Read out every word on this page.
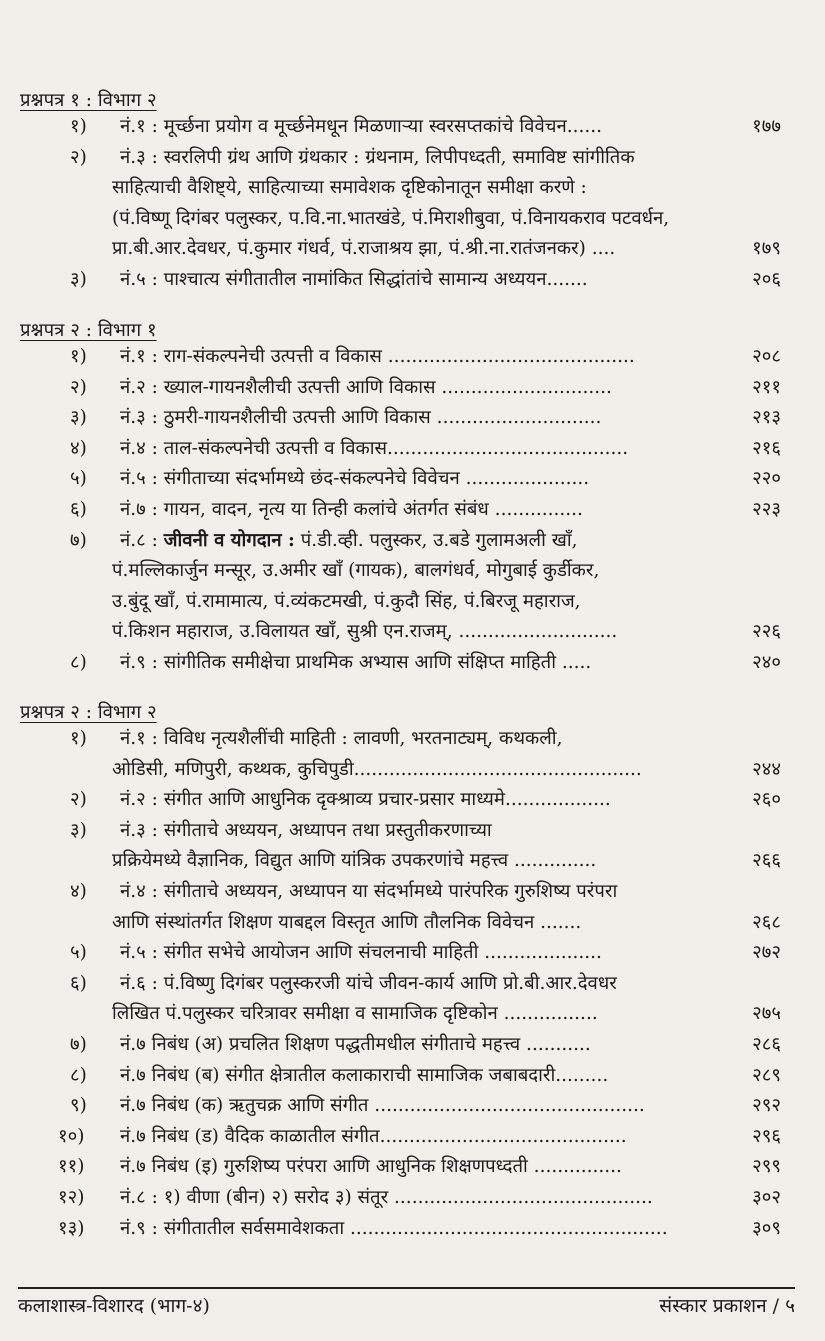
प्रश्नपत्र १ : विभाग २
१) नं.१ : मूर्च्छना प्रयोग व मूर्च्छनेमधून मिळणाऱ्या स्वरसप्तकांचे विवेचन......	१७७
२) नं.३ : स्वरलिपी ग्रंथ आणि ग्रंथकार : ग्रंथनाम, लिपीपध्दती, समाविष्ट सांगीतिक
साहित्याची वैशिष्ट्ये, साहित्याच्या समावेशक दृष्टिकोनातून समीक्षा करणे :
(पं.विष्णू दिगंबर पलुस्कर, प.वि.ना.भातखंडे, पं.मिराशीबुवा, पं.विनायकराव पटवर्धन,
प्रा.बी.आर.देवधर, पं.कुमार गंधर्व, पं.राजाश्रय झा, पं.श्री.ना.रातंजनकर) ....	१७९
३) नं.५ : पाश्चात्य संगीतातील नामांकित सिद्धांतांचे सामान्य अध्ययन.......	२०६
प्रश्नपत्र २ : विभाग १
१) नं.१ : राग-संकल्पनेची उत्पत्ती व विकास ..........................................	२०८
२) नं.२ : ख्याल-गायनशैलीची उत्पत्ती आणि विकास .............................	२११
३) नं.३ : ठुमरी-गायनशैलीची उत्पत्ती आणि विकास ............................	२१३
४) नं.४ : ताल-संकल्पनेची उत्पत्ती व विकास.........................................	२१६
५) नं.५ : संगीताच्या संदर्भामध्ये छंद-संकल्पनेचे विवेचन .....................	२२०
६) नं.७ : गायन, वादन, नृत्य या तिन्ही कलांचे अंतर्गत संबंध ...............	२२३
७) नं.८ : जीवनी व योगदान : पं.डी.व्ही. पलुस्कर, उ.बडे गुलामअली खाँ,
पं.मल्लिकार्जुन मन्सूर, उ.अमीर खाँ (गायक), बालगंधर्व, मोगुबाई कुर्डीकर,
उ.बुंदू खाँ, पं.रामामात्य, पं.व्यंकटमखी, पं.कुदौ सिंह, पं.बिरजू महाराज,
पं.किशन महाराज, उ.विलायत खाँ, सुश्री एन.राजम्, ...........................	२२६
८) नं.९ : सांगीतिक समीक्षेचा प्राथमिक अभ्यास आणि संक्षिप्त माहिती .....	२४०
प्रश्नपत्र २ : विभाग २
१) नं.१ : विविध नृत्यशैलींची माहिती : लावणी, भरतनाट्यम्, कथकली,
ओडिसी, मणिपुरी, कथ्थक, कुचिपुडी.................................................	२४४
२) नं.२ : संगीत आणि आधुनिक दृक्श्राव्य प्रचार-प्रसार माध्यमे..................	२६०
३) नं.३ : संगीताचे अध्ययन, अध्यापन तथा प्रस्तुतीकरणाच्या
प्रक्रियेमध्ये वैज्ञानिक, विद्युत आणि यांत्रिक उपकरणांचे महत्त्व ..............	२६६
४) नं.४ : संगीताचे अध्ययन, अध्यापन या संदर्भामध्ये पारंपरिक गुरुशिष्य परंपरा
आणि संस्थांतर्गत शिक्षण याबद्दल विस्तृत आणि तौलनिक विवेचन .......	२६८
५) नं.५ : संगीत सभेचे आयोजन आणि संचलनाची माहिती ....................	२७२
६) नं.६ : पं.विष्णु दिगंबर पलुस्करजी यांचे जीवन-कार्य आणि प्रो.बी.आर.देवधर
लिखित पं.पलुस्कर चरित्रावर समीक्षा व सामाजिक दृष्टिकोन ................	२७५
७) नं.७ निबंध (अ) प्रचलित शिक्षण पद्धतीमधील संगीताचे महत्त्व ...........	२८६
८) नं.७ निबंध (ब) संगीत क्षेत्रातील कलाकाराची सामाजिक जबाबदारी.........	२८९
९) नं.७ निबंध (क) ऋतुचक्र आणि संगीत ..............................................	२९२
१०) नं.७ निबंध (ड) वैदिक काळातील संगीत..........................................	२९६
११) नं.७ निबंध (इ) गुरुशिष्य परंपरा आणि आधुनिक शिक्षणपध्दती ...............	२९९
१२) नं.८ : १) वीणा (बीन) २) सरोद ३) संतूर ............................................	३०२
१३) नं.९ : संगीतातील सर्वसमावेशकता ......................................................	३०९
कलाशास्त्र-विशारद (भाग-४)	संस्कार प्रकाशन / ५
